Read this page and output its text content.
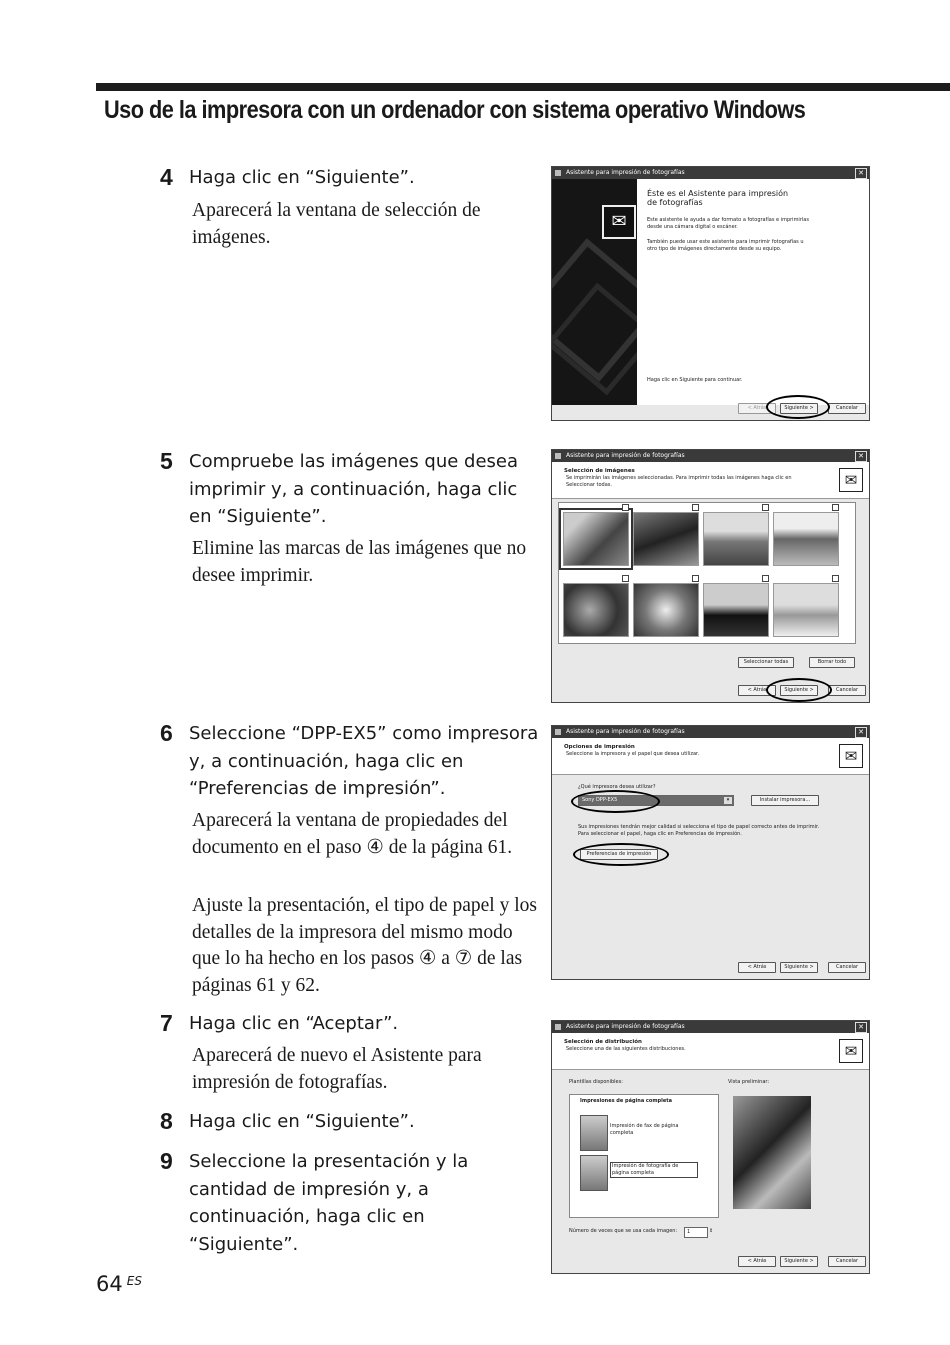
Uso de la impresora con un ordenador con sistema operativo Windows
4 Haga clic en “Siguiente”.
Aparecerá la ventana de selección de imágenes.
5 Compruebe las imágenes que desea imprimir y, a continuación, haga clic en “Siguiente”.
Elimine las marcas de las imágenes que no desee imprimir.
6 Seleccione “DPP-EX5” como impresora y, a continuación, haga clic en “Preferencias de impresión”.
Aparecerá la ventana de propiedades del documento en el paso ④ de la página 61.
Ajuste la presentación, el tipo de papel y los detalles de la impresora del mismo modo que lo ha hecho en los pasos ④ a ⑦ de las páginas 61 y 62.
7 Haga clic en “Aceptar”.
Aparecerá de nuevo el Asistente para impresión de fotografías.
8 Haga clic en “Siguiente”.
9 Seleccione la presentación y la cantidad de impresión y, a continuación, haga clic en “Siguiente”.
64 $^{ES}$
Asistente para impresión de fotografías	✕
✉
Éste es el Asistente para impresión de fotografías
Este asistente le ayuda a dar formato a fotografías e imprimirlas desde una cámara digital o escáner.
También puede usar este asistente para imprimir fotografías u otro tipo de imágenes directamente desde su equipo.
Haga clic en Siguiente para continuar.
< Atrás	Siguiente >	Cancelar
Asistente para impresión de fotografías	✕
Selección de imágenes
Se imprimirán las imágenes seleccionadas. Para imprimir todas las imágenes haga clic en Seleccionar todas.	✉
Seleccionar todas	Borrar todo
< Atrás	Siguiente >	Cancelar
Asistente para impresión de fotografías	✕
Opciones de impresión
Seleccione la impresora y el papel que desea utilizar.	✉
¿Qué impresora desea utilizar?
Sony DPP-EX5	▾	Instalar impresora...
Sus impresiones tendrán mejor calidad si selecciona el tipo de papel correcto antes de imprimir. Para seleccionar el papel, haga clic en Preferencias de impresión.
Preferencias de impresión
< Atrás	Siguiente >	Cancelar
Asistente para impresión de fotografías	✕
Selección de distribución
Seleccione una de las siguientes distribuciones.	✉
Plantillas disponibles:	Vista preliminar:
Impresiones de página completa
Impresión de fax de página completa
Impresión de fotografía de página completa
Número de veces que se usa cada imagen: 1	⇕
< Atrás	Siguiente >	Cancelar
